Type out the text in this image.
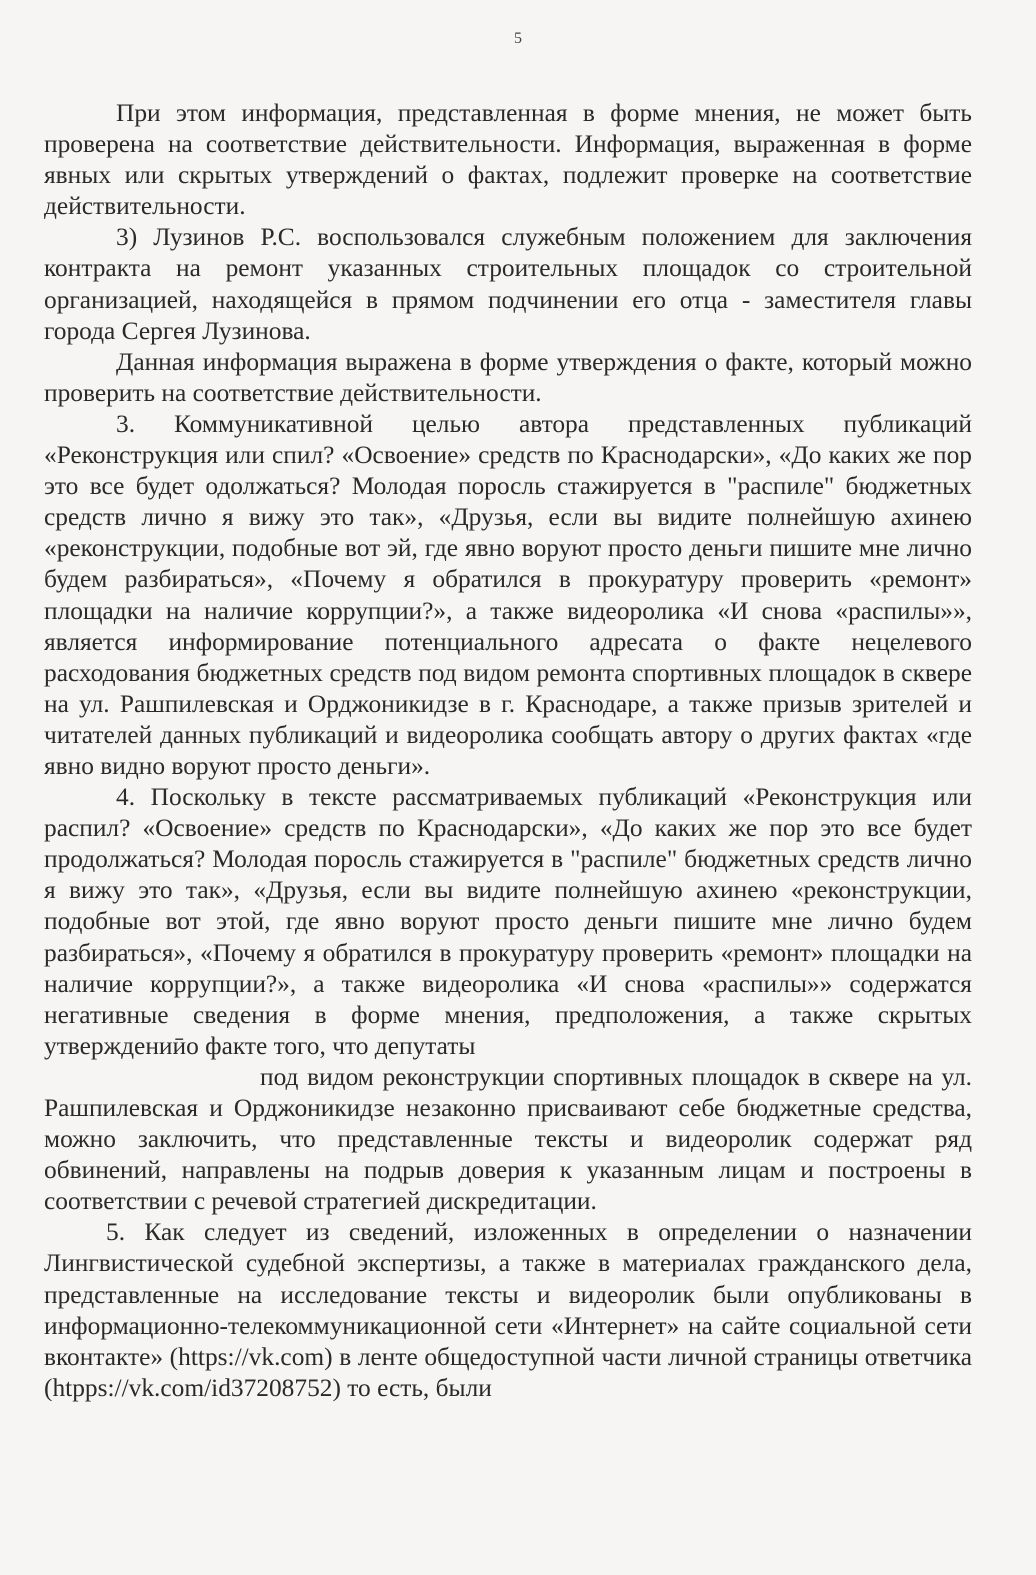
5

При этом информация, представленная в форме мнения, не может быть проверена на соответствие действительности. Информация, выраженная в форме явных или скрытых утверждений о фактах, подлежит проверке на соответствие действительности.

3) Лузинов Р.С. воспользовался служебным положением для заключения контракта на ремонт указанных строительных площадок со строительной организацией, находящейся в прямом подчинении его отца - заместителя главы города Сергея Лузинова.

Данная информация выражена в форме утверждения о факте, который можно проверить на соответствие действительности.

3. Коммуникативной целью автора представленных публикаций «Реконструкция или спил? «Освоение» средств по Краснодарски», «До каких же пор это все будет одолжаться? Молодая поросль стажируется в "распиле" бюджетных средств лично я вижу это так», «Друзья, если вы видите полнейшую ахинею «реконструкции, подобные вот эй, где явно воруют просто деньги пишите мне лично будем разбираться», «Почему я обратился в прокуратуру проверить «ремонт» площадки на наличие коррупции?», а также видеоролика «И снова «распилы»», является информирование потенциального адресата о факте нецелевого расходования бюджетных средств под видом ремонта спортивных площадок в сквере на ул. Рашпилевская и Орджоникидзе в г. Краснодаре, а также призыв зрителей и читателей данных публикаций и видеоролика сообщать автору о других фактах «где явно видно воруют просто деньги».

4. Поскольку в тексте рассматриваемых публикаций «Реконструкция или распил? «Освоение» средств по Краснодарски», «До каких же пор это все будет продолжаться? Молодая поросль стажируется в "распиле" бюджетных средств лично я вижу это так», «Друзья, если вы видите полнейшую ахинею «реконструкции, подобные вот этой, где явно воруют просто деньги пишите мне лично будем разбираться», «Почему я обратился в прокуратуру проверить «ремонт» площадки на наличие коррупции?», а также видеоролика «И снова «распилы»» содержатся негативные сведения в форме мнения, предположения, а также скрытых утверждениӣо факте того, что депутаты

под видом реконструкции спортивных площадок в сквере на ул. Рашпилевская и Орджоникидзе незаконно присваивают себе бюджетные средства, можно заключить, что представленные тексты и видеоролик содержат ряд обвинений, направлены на подрыв доверия к указанным лицам и построены в соответствии с речевой стратегией дискредитации.

5. Как следует из сведений, изложенных в определении о назначении Лингвистической судебной экспертизы, а также в материалах гражданского дела, представленные на исследование тексты и видеоролик были опубликованы в информационно-телекоммуникационной сети «Интернет» на сайте социальной сети вконтакте» (https://vk.com) в ленте общедоступной части личной страницы ответчика (htpps://vk.com/id37208752) то есть, были
